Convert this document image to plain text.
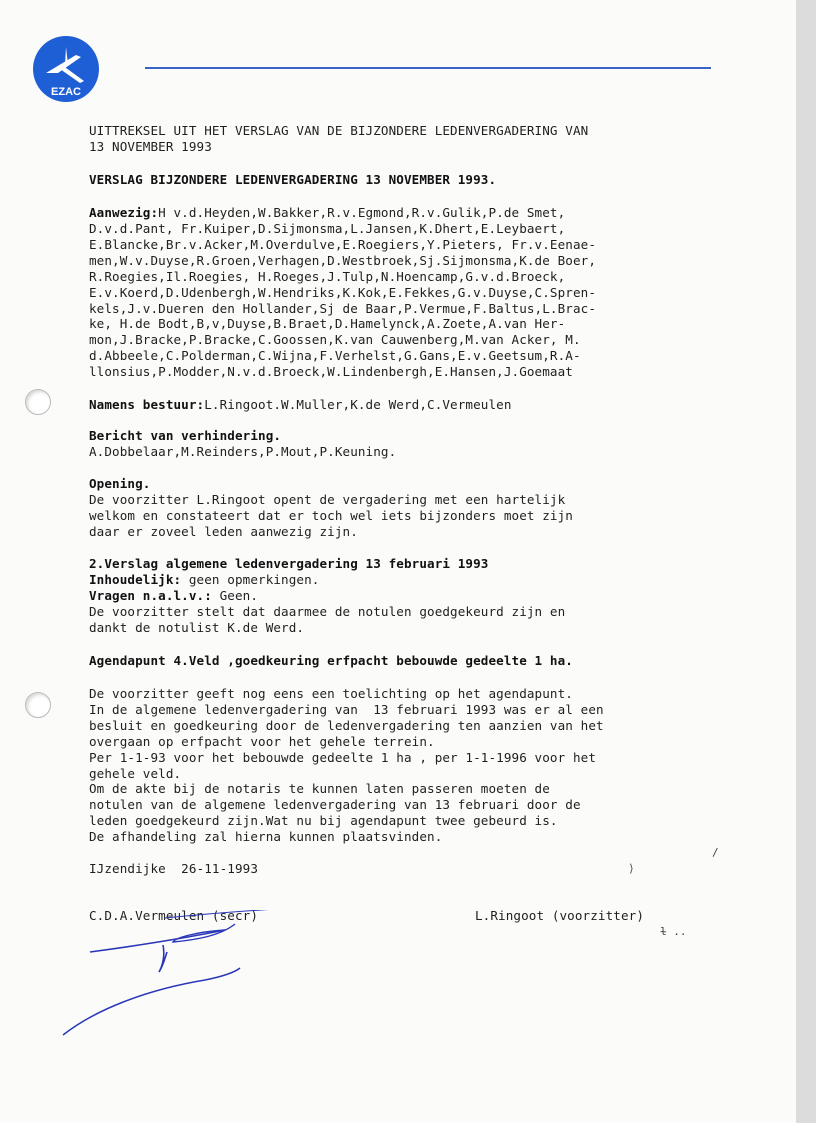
EZAC

UITTREKSEL UIT HET VERSLAG VAN DE BIJZONDERE LEDENVERGADERING VAN

13 NOVEMBER 1993

VERSLAG BIJZONDERE LEDENVERGADERING 13 NOVEMBER 1993.

Aanwezig:H v.d.Heyden,W.Bakker,R.v.Egmond,R.v.Gulik,P.de Smet,

D.v.d.Pant, Fr.Kuiper,D.Sijmonsma,L.Jansen,K.Dhert,E.Leybaert,

E.Blancke,Br.v.Acker,M.Overdulve,E.Roegiers,Y.Pieters, Fr.v.Eenae-

men,W.v.Duyse,R.Groen,Verhagen,D.Westbroek,Sj.Sijmonsma,K.de Boer,

R.Roegies,Il.Roegies, H.Roeges,J.Tulp,N.Hoencamp,G.v.d.Broeck,

E.v.Koerd,D.Udenbergh,W.Hendriks,K.Kok,E.Fekkes,G.v.Duyse,C.Spren-

kels,J.v.Dueren den Hollander,Sj de Baar,P.Vermue,F.Baltus,L.Brac-

ke, H.de Bodt,B,v,Duyse,B.Braet,D.Hamelynck,A.Zoete,A.van Her-

mon,J.Bracke,P.Bracke,C.Goossen,K.van Cauwenberg,M.van Acker, M.

d.Abbeele,C.Polderman,C.Wijna,F.Verhelst,G.Gans,E.v.Geetsum,R.A-

llonsius,P.Modder,N.v.d.Broeck,W.Lindenbergh,E.Hansen,J.Goemaat

Namens bestuur:L.Ringoot.W.Muller,K.de Werd,C.Vermeulen

Bericht van verhindering.

A.Dobbelaar,M.Reinders,P.Mout,P.Keuning.

Opening.

De voorzitter L.Ringoot opent de vergadering met een hartelijk

welkom en constateert dat er toch wel iets bijzonders moet zijn

daar er zoveel leden aanwezig zijn.

2.Verslag algemene ledenvergadering 13 februari 1993

Inhoudelijk: geen opmerkingen.

Vragen n.a.l.v.: Geen.

De voorzitter stelt dat daarmee de notulen goedgekeurd zijn en

dankt de notulist K.de Werd.

Agendapunt 4.Veld ,goedkeuring erfpacht bebouwde gedeelte 1 ha.

De voorzitter geeft nog eens een toelichting op het agendapunt.

In de algemene ledenvergadering van  13 februari 1993 was er al een

besluit en goedkeuring door de ledenvergadering ten aanzien van het

overgaan op erfpacht voor het gehele terrein.

Per 1-1-93 voor het bebouwde gedeelte 1 ha , per 1-1-1996 voor het

gehele veld.

Om de akte bij de notaris te kunnen laten passeren moeten de

notulen van de algemene ledenvergadering van 13 februari door de

leden goedgekeurd zijn.Wat nu bij agendapunt twee gebeurd is.

De afhandeling zal hierna kunnen plaatsvinden.

IJzendijke  26-11-1993

C.D.A.Vermeulen (secr)	L.Ringoot (voorzitter)

⟩
/
ɫ ..
